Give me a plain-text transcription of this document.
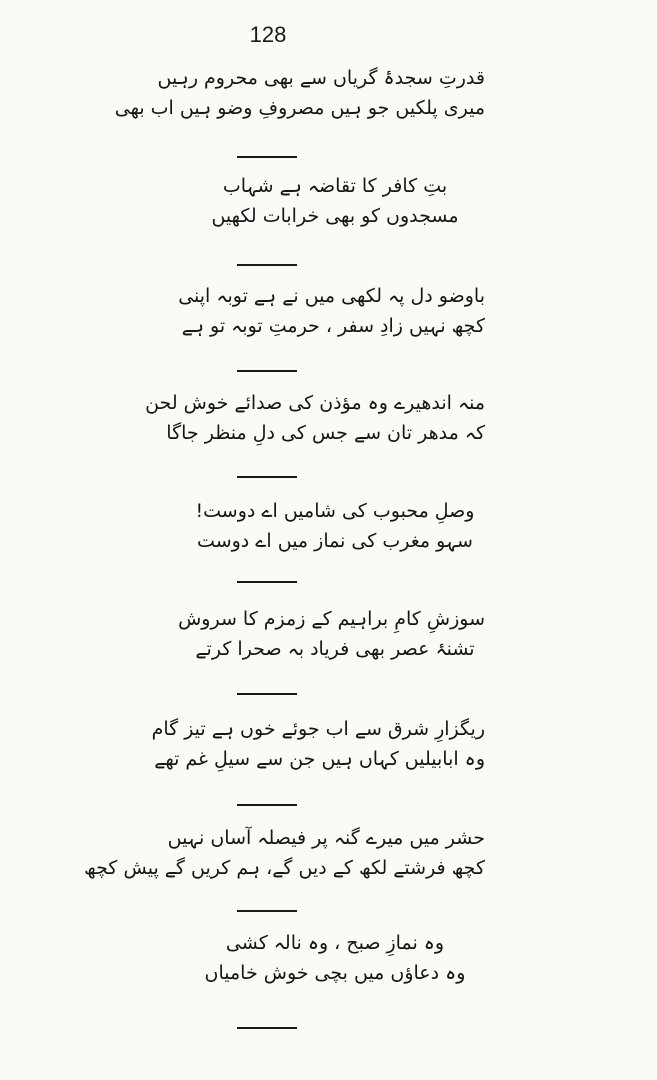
128
قدرتِ سجدۂ گریاں سے بھی محروم رہیں
میری پلکیں جو ہیں مصروفِ وضو ہیں اب بھی
بتِ کافر کا تقاضہ ہے شہاب
مسجدوں کو بھی خرابات لکھیں
باوضو دل پہ لکھی میں نے ہے توبہ اپنی
کچھ نہیں زادِ سفر ، حرمتِ توبہ تو ہے
منہ اندھیرے وہ مؤذن کی صدائے خوش لحن
کہ مدھر تان سے جس کی دلِ منظر جاگا
وصلِ محبوب کی شامیں اے دوست!
سہو مغرب کی نماز میں اے دوست
سوزشِ کامِ براہیم کے زمزم کا سروش
تشنۂ عصر بھی فریاد بہ صحرا کرتے
ریگزارِ شرق سے اب جوئے خوں ہے تیز گام
وہ ابابیلیں کہاں ہیں جن سے سیلِ غم تھے
حشر میں میرے گنہ پر فیصلہ آساں نہیں
کچھ فرشتے لکھ کے دیں گے، ہم کریں گے پیش کچھ
وہ نمازِ صبح ، وہ نالہ کشی
وہ دعاؤں میں بچی خوش خامیاں
